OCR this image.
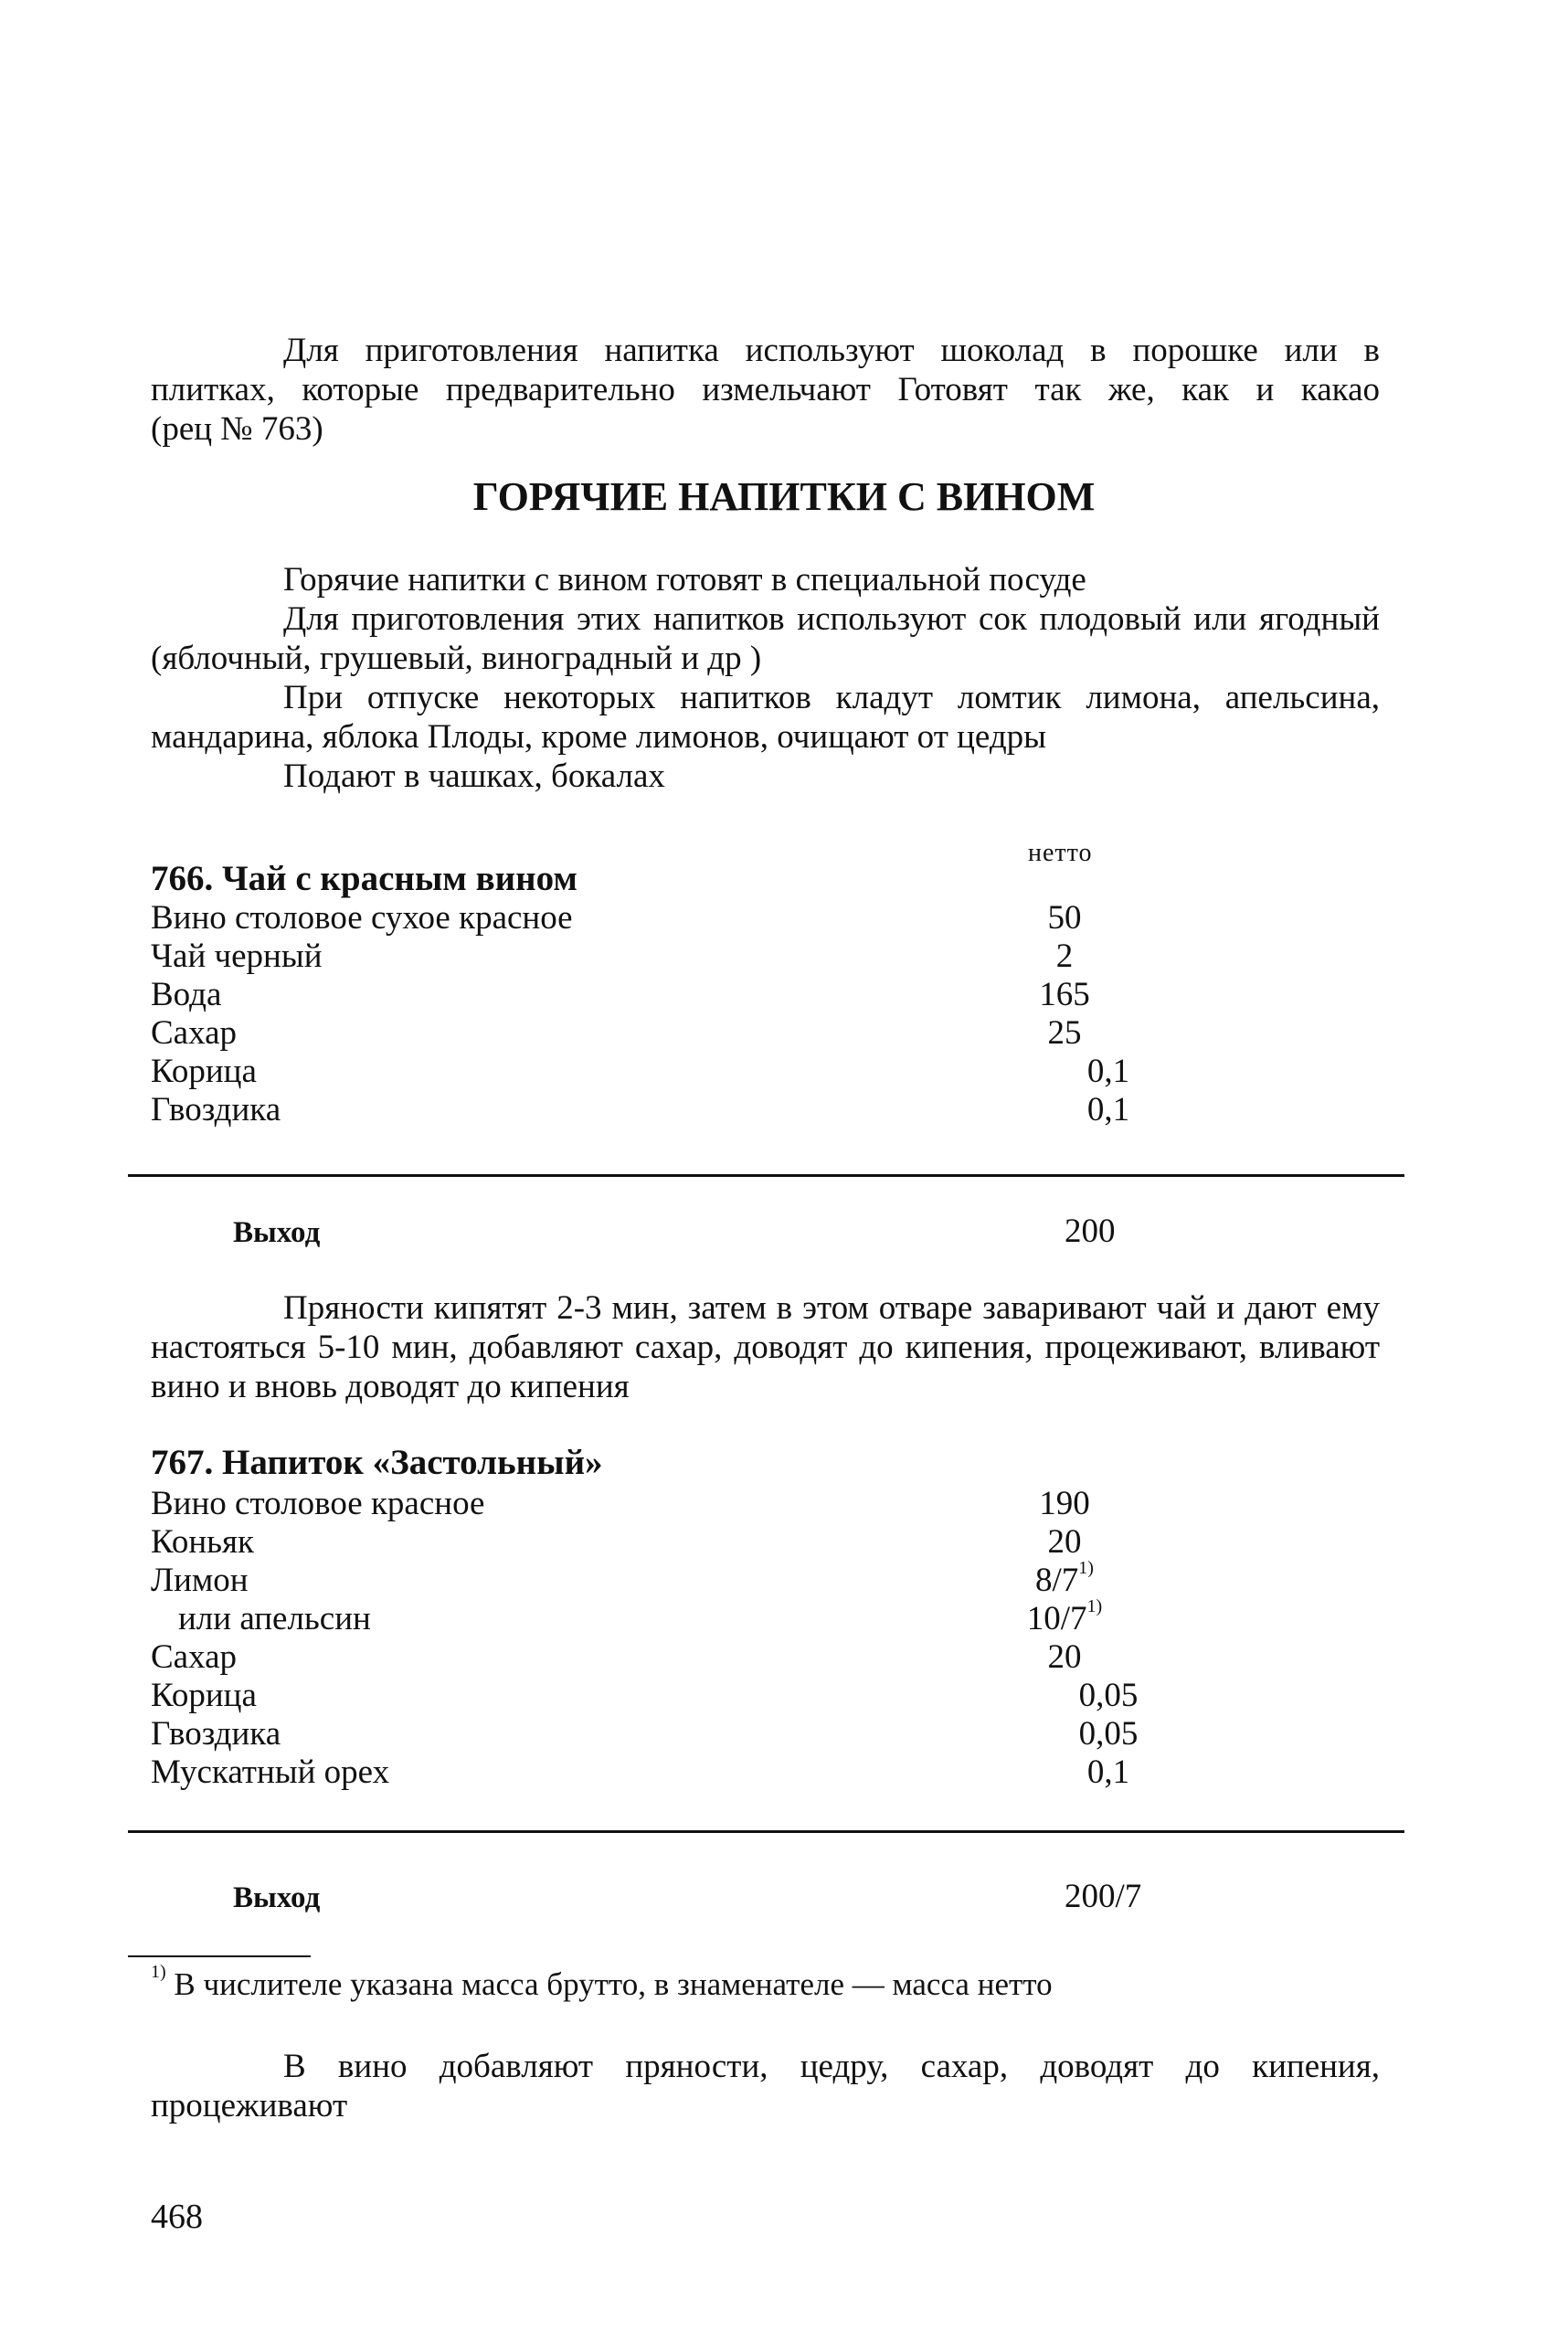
Для приготовления напитка используют шоколад в порошке или в
плитках, которые предварительно измельчают Готовят так же, как и какао
(рец № 763)

ГОРЯЧИЕ НАПИТКИ С ВИНОМ

Горячие напитки с вином готовят в специальной посуде

Для приготовления этих напитков используют сок плодовый или ягодный (яблочный, грушевый, виноградный и др )

При отпуске некоторых напитков кладут ломтик лимона, апельсина, мандарина, яблока Плоды, кроме лимонов, очищают от цедры

Подают в чашках, бокалах

нетто
766. Чай с красным вином
Вино столовое сухое красное	50
Чай черный	2
Вода	165
Сахар	25
Корица	0,1
Гвоздика	0,1
Выход	200

Пряности кипятят 2-3 мин, затем в этом отваре заваривают чай и дают ему настояться 5-10 мин, добавляют сахар, доводят до кипения, процеживают, вливают вино и вновь доводят до кипения

767. Напиток «Застольный»
Вино столовое красное	190
Коньяк	20
Лимон	8/7$^{1)}$
или апельсин	10/7$^{1)}$
Сахар	20
Корица	0,05
Гвоздика	0,05
Мускатный орех	0,1
Выход	200/7
$^{1)}$ В числителе указана масса брутто, в знаменателе — масса нетто

В вино добавляют пряности, цедру, сахар, доводят до кипения, процеживают

468
